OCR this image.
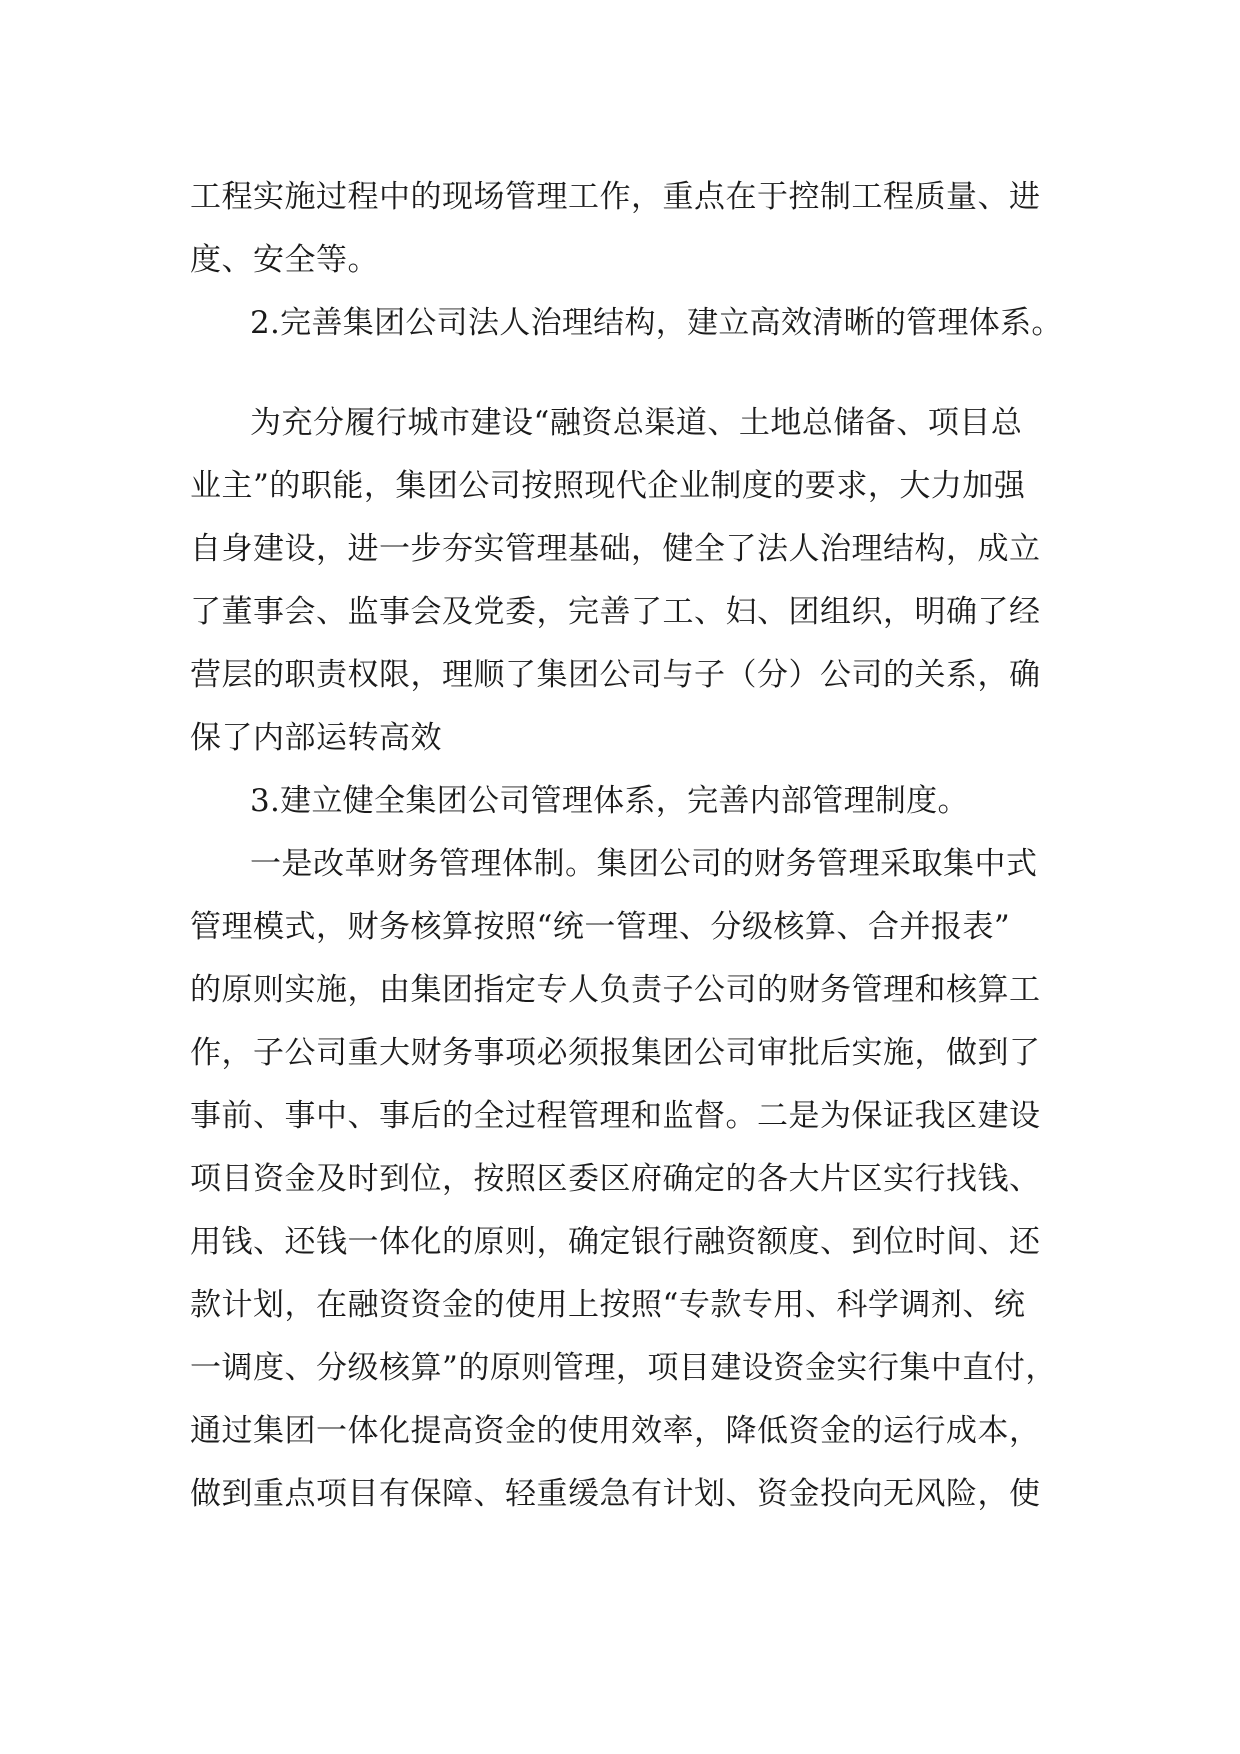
工程实施过程中的现场管理工作，重点在于控制工程质量、进
度、安全等。
2.完善集团公司法人治理结构，建立高效清晰的管理体系。
为充分履行城市建设“融资总渠道、土地总储备、项目总
业主”的职能，集团公司按照现代企业制度的要求，大力加强
自身建设，进一步夯实管理基础，健全了法人治理结构，成立
了董事会、监事会及党委，完善了工、妇、团组织，明确了经
营层的职责权限，理顺了集团公司与子（分）公司的关系，确
保了内部运转高效
3.建立健全集团公司管理体系，完善内部管理制度。
一是改革财务管理体制。集团公司的财务管理采取集中式
管理模式，财务核算按照“统一管理、分级核算、合并报表”
的原则实施，由集团指定专人负责子公司的财务管理和核算工
作，子公司重大财务事项必须报集团公司审批后实施，做到了
事前、事中、事后的全过程管理和监督。二是为保证我区建设
项目资金及时到位，按照区委区府确定的各大片区实行找钱、
用钱、还钱一体化的原则，确定银行融资额度、到位时间、还
款计划，在融资资金的使用上按照“专款专用、科学调剂、统
一调度、分级核算”的原则管理，项目建设资金实行集中直付，
通过集团一体化提高资金的使用效率，降低资金的运行成本，
做到重点项目有保障、轻重缓急有计划、资金投向无风险，使
